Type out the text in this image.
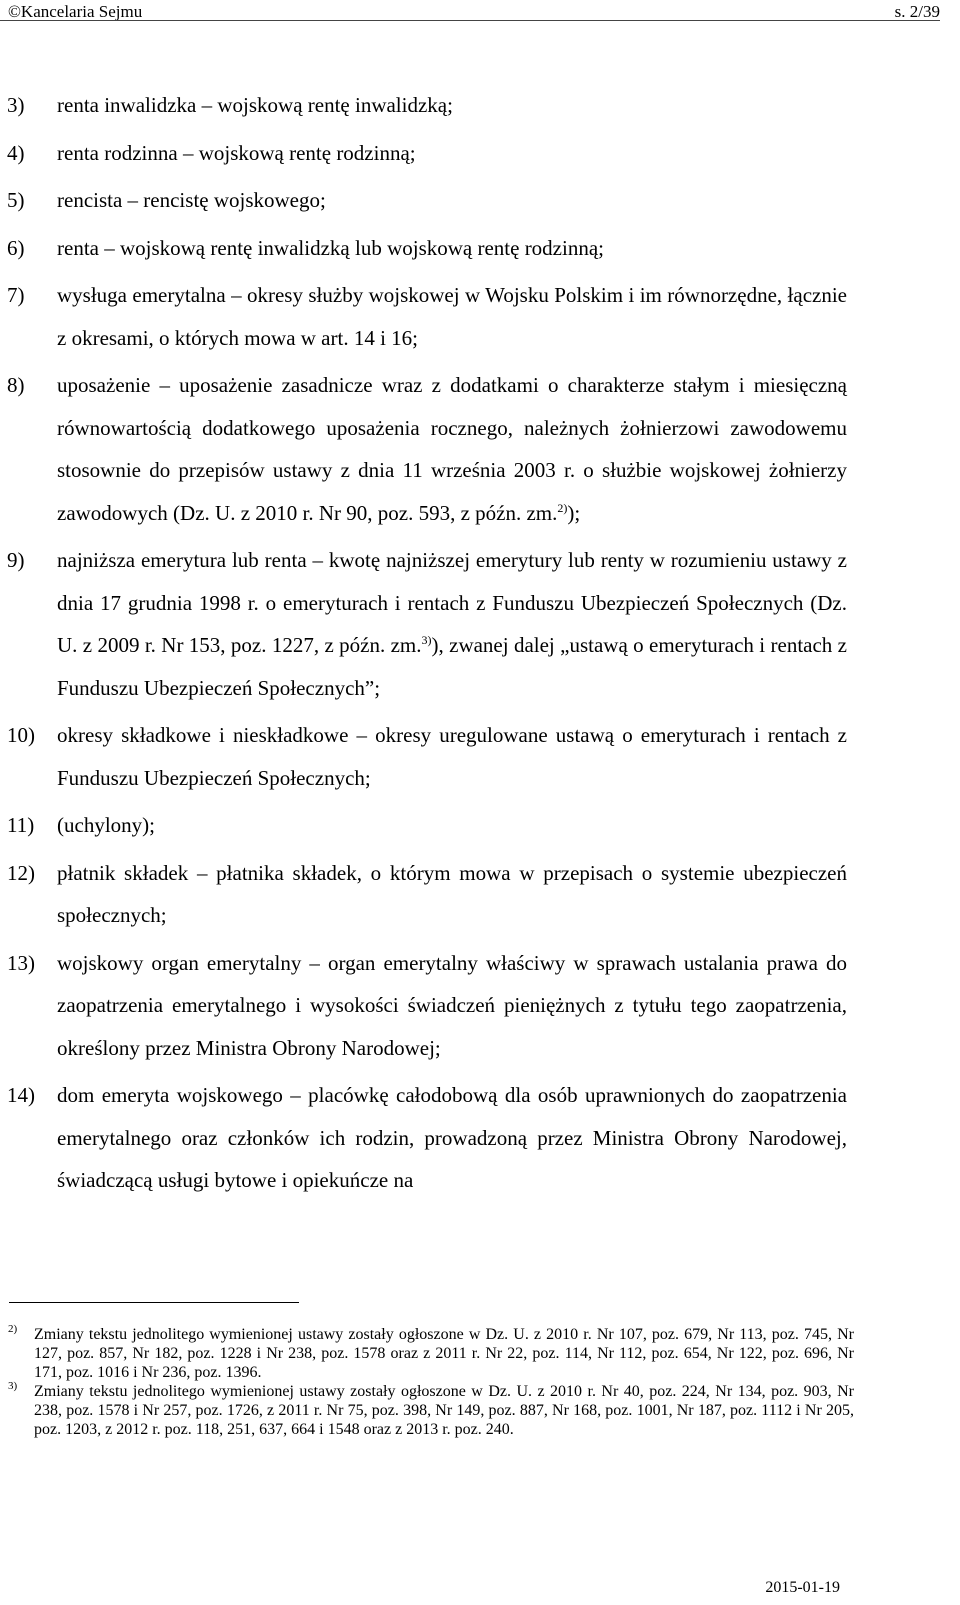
©Kancelaria Sejmu	s. 2/39
3) renta inwalidzka – wojskową rentę inwalidzką;
4) renta rodzinna – wojskową rentę rodzinną;
5) rencista – rencistę wojskowego;
6) renta – wojskową rentę inwalidzką lub wojskową rentę rodzinną;
7) wysługa emerytalna – okresy służby wojskowej w Wojsku Polskim i im równorzędne, łącznie z okresami, o których mowa w art. 14 i 16;
8) uposażenie – uposażenie zasadnicze wraz z dodatkami o charakterze stałym i miesięczną równowartością dodatkowego uposażenia rocznego, należnych żołnierzowi zawodowemu stosownie do przepisów ustawy z dnia 11 września 2003 r. o służbie wojskowej żołnierzy zawodowych (Dz. U. z 2010 r. Nr 90, poz. 593, z późn. zm.$^{2)}$);
9) najniższa emerytura lub renta – kwotę najniższej emerytury lub renty w rozumieniu ustawy z dnia 17 grudnia 1998 r. o emeryturach i rentach z Funduszu Ubezpieczeń Społecznych (Dz. U. z 2009 r. Nr 153, poz. 1227, z późn. zm.$^{3)}$), zwanej dalej „ustawą o emeryturach i rentach z Funduszu Ubezpieczeń Społecznych”;
10) okresy składkowe i nieskładkowe – okresy uregulowane ustawą o emeryturach i rentach z Funduszu Ubezpieczeń Społecznych;
11) (uchylony);
12) płatnik składek – płatnika składek, o którym mowa w przepisach o systemie ubezpieczeń społecznych;
13) wojskowy organ emerytalny – organ emerytalny właściwy w sprawach ustalania prawa do zaopatrzenia emerytalnego i wysokości świadczeń pieniężnych z tytułu tego zaopatrzenia, określony przez Ministra Obrony Narodowej;
14) dom emeryta wojskowego – placówkę całodobową dla osób uprawnionych do zaopatrzenia emerytalnego oraz członków ich rodzin, prowadzoną przez Ministra Obrony Narodowej, świadczącą usługi bytowe i opiekuńcze na
2) Zmiany tekstu jednolitego wymienionej ustawy zostały ogłoszone w Dz. U. z 2010 r. Nr 107, poz. 679, Nr 113, poz. 745, Nr 127, poz. 857, Nr 182, poz. 1228 i Nr 238, poz. 1578 oraz z 2011 r. Nr 22, poz. 114, Nr 112, poz. 654, Nr 122, poz. 696, Nr 171, poz. 1016 i Nr 236, poz. 1396.
3) Zmiany tekstu jednolitego wymienionej ustawy zostały ogłoszone w Dz. U. z 2010 r. Nr 40, poz. 224, Nr 134, poz. 903, Nr 238, poz. 1578 i Nr 257, poz. 1726, z 2011 r. Nr 75, poz. 398, Nr 149, poz. 887, Nr 168, poz. 1001, Nr 187, poz. 1112 i Nr 205, poz. 1203, z 2012 r. poz. 118, 251, 637, 664 i 1548 oraz z 2013 r. poz. 240.
2015-01-19
